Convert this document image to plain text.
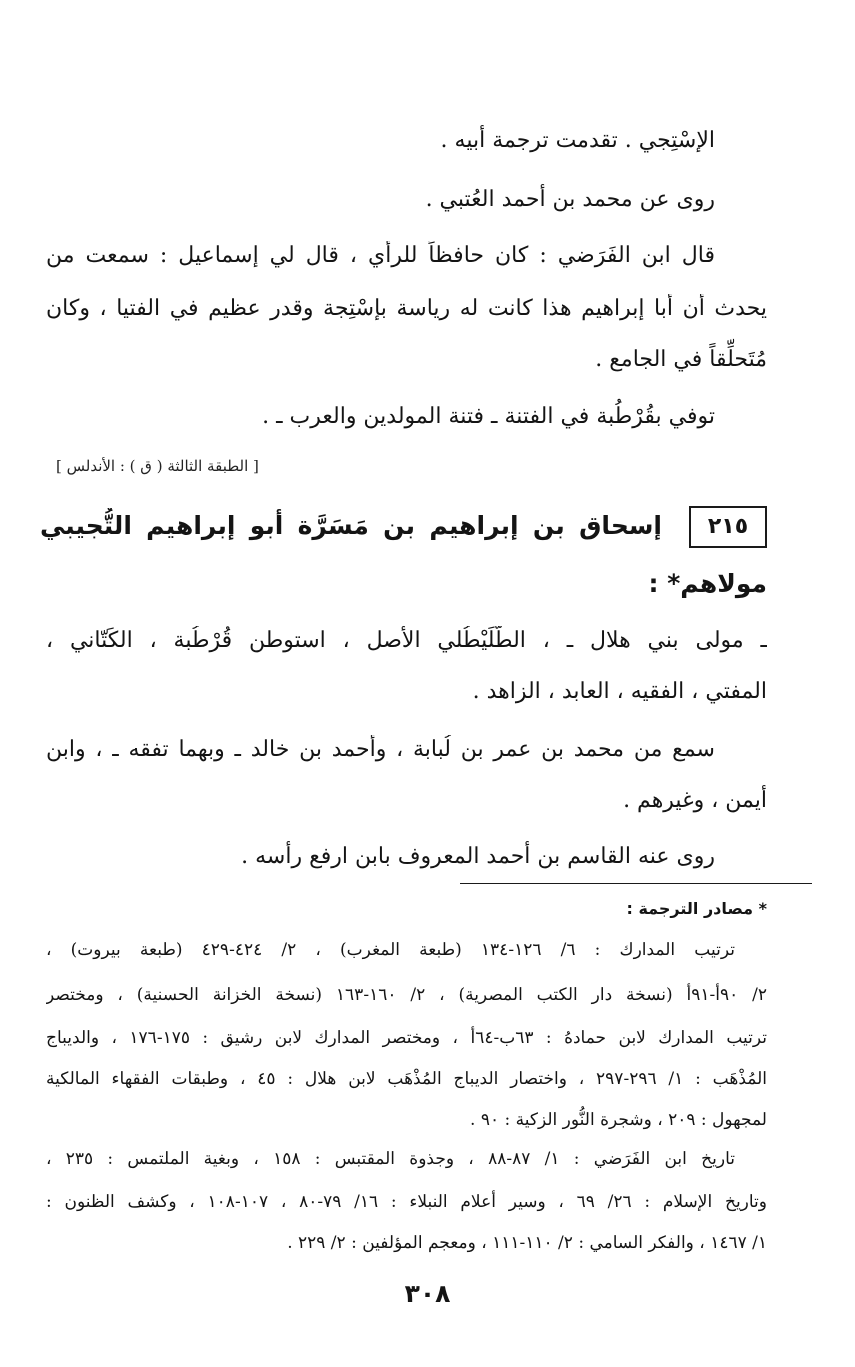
الإسْتِجي . تقدمت ترجمة أبيه .
روى عن محمد بن أحمد العُتبي .
قال ابن الفَرَضي : كان حافظاً للرأي ، قال لي إسماعيل : سمعت من
يحدث أن أبا إبراهيم هذا كانت له رياسة بإسْتِجة وقدر عظيم في الفتيا ، وكان
مُتَحلِّقاً في الجامع .
توفي بقُرْطُبة في الفتنة ـ فتنة المولدين والعرب ـ .
[ الطبقة الثالثة ( ق ) : الأندلس ]
٢١٥
إسحاق بن إبراهيم بن مَسَرَّة أبو إبراهيم التُّجيبي
مولاهم* :
ـ مولى بني هلال ـ ، الطُّلَيْطُلي الأصل ، استوطن قُرْطُبة ، الكَتّاني ،
المفتي ، الفقيه ، العابد ، الزاهد .
سمع من محمد بن عمر بن لُبابة ، وأحمد بن خالد ـ وبهما تفقه ـ ، وابن
أيمن ، وغيرهم .
روى عنه القاسم بن أحمد المعروف بابن ارفع رأسه .
* مصادر الترجمة :
ترتيب المدارك : ٦/ ١٢٦-١٣٤ (طبعة المغرب) ، ٢/ ٤٢٤-٤٢٩ (طبعة بيروت) ،
٢/ ٩٠أ-٩١أ (نسخة دار الكتب المصرية) ، ٢/ ١٦٠-١٦٣ (نسخة الخزانة الحسنية) ، ومختصر
ترتيب المدارك لابن حمادهُ : ٦٣ب-٦٤أ ، ومختصر المدارك لابن رشيق : ١٧٥-١٧٦ ، والديباج
المُذْهَب : ١/ ٢٩٦-٢٩٧ ، واختصار الديباج المُذْهَب لابن هلال : ٤٥ ، وطبقات الفقهاء المالكية
لمجهول : ٢٠٩ ، وشجرة النُّور الزكية : ٩٠ .
تاريخ ابن الفَرَضي : ١/ ٨٧-٨٨ ، وجذوة المقتبس : ١٥٨ ، وبغية الملتمس : ٢٣٥ ،
وتاريخ الإسلام : ٢٦/ ٦٩ ، وسير أعلام النبلاء : ١٦/ ٧٩-٨٠ ، ١٠٧-١٠٨ ، وكشف الظنون :
١/ ١٤٦٧ ، والفكر السامي : ٢/ ١١٠-١١١ ، ومعجم المؤلفين : ٢/ ٢٢٩ .
٣٠٨
